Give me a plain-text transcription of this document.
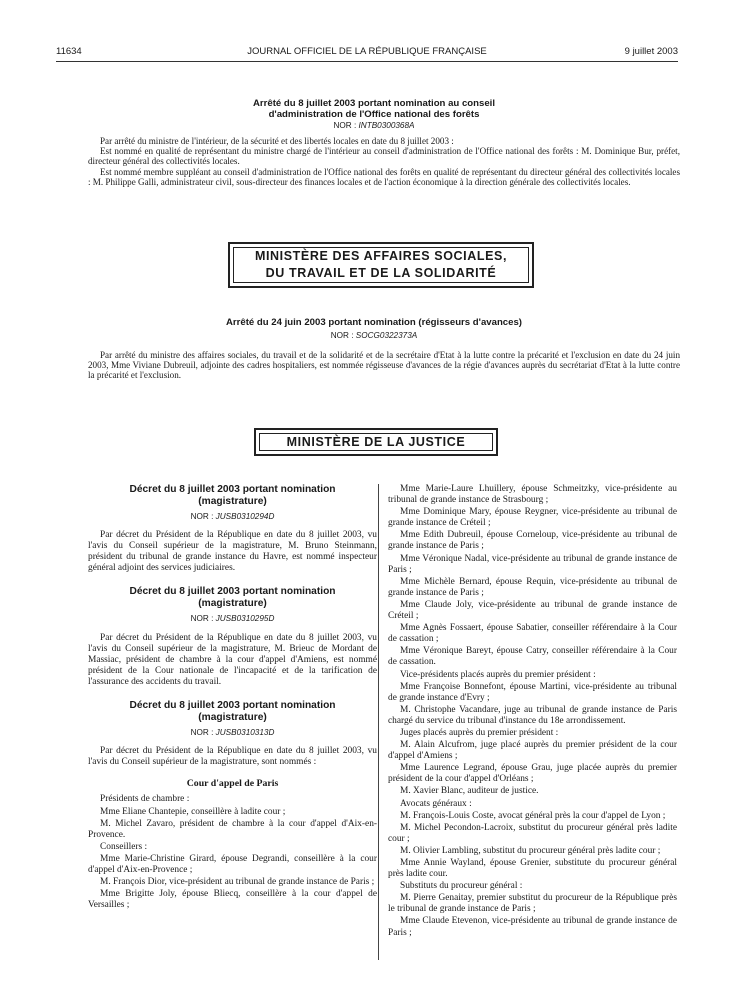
11634	JOURNAL OFFICIEL DE LA RÉPUBLIQUE FRANÇAISE	9 juillet 2003
Arrêté du 8 juillet 2003 portant nomination au conseil
d'administration de l'Office national des forêts
NOR : INTB0300368A

Par arrêté du ministre de l'intérieur, de la sécurité et des libertés locales en date du 8 juillet 2003 :

Est nommé en qualité de représentant du ministre chargé de l'intérieur au conseil d'administration de l'Office national des forêts : M. Dominique Bur, préfet, directeur général des collectivités locales.

Est nommé membre suppléant au conseil d'administration de l'Office national des forêts en qualité de représentant du directeur général des collectivités locales : M. Philippe Galli, administrateur civil, sous-directeur des finances locales et de l'action économique à la direction générale des collectivités locales.

MINISTÈRE DES AFFAIRES SOCIALES,
DU TRAVAIL ET DE LA SOLIDARITÉ
Arrêté du 24 juin 2003 portant nomination (régisseurs d'avances)
NOR : SOCG0322373A

Par arrêté du ministre des affaires sociales, du travail et de la solidarité et de la secrétaire d'Etat à la lutte contre la précarité et l'exclusion en date du 24 juin 2003, Mme Viviane Dubreuil, adjointe des cadres hospitaliers, est nommée régisseuse d'avances de la régie d'avances auprès du secrétariat d'Etat à la lutte contre la précarité et l'exclusion.

MINISTÈRE DE LA JUSTICE
Décret du 8 juillet 2003 portant nomination
(magistrature)
NOR : JUSB0310294D

Par décret du Président de la République en date du 8 juillet 2003, vu l'avis du Conseil supérieur de la magistrature, M. Bruno Steinmann, président du tribunal de grande instance du Havre, est nommé inspecteur général adjoint des services judiciaires.

Décret du 8 juillet 2003 portant nomination
(magistrature)
NOR : JUSB0310295D

Par décret du Président de la République en date du 8 juillet 2003, vu l'avis du Conseil supérieur de la magistrature, M. Brieuc de Mordant de Massiac, président de chambre à la cour d'appel d'Amiens, est nommé président de la Cour nationale de l'incapacité et de la tarification de l'assurance des accidents du travail.

Décret du 8 juillet 2003 portant nomination
(magistrature)
NOR : JUSB0310313D

Par décret du Président de la République en date du 8 juillet 2003, vu l'avis du Conseil supérieur de la magistrature, sont nommés :

Cour d'appel de Paris

Présidents de chambre :

Mme Eliane Chantepie, conseillère à ladite cour ;

M. Michel Zavaro, président de chambre à la cour d'appel d'Aix-en-Provence.

Conseillers :

Mme Marie-Christine Girard, épouse Degrandi, conseillère à la cour d'appel d'Aix-en-Provence ;

M. François Dior, vice-président au tribunal de grande instance de Paris ;

Mme Brigitte Joly, épouse Bliecq, conseillère à la cour d'appel de Versailles ;

Mme Marie-Laure Lhuillery, épouse Schmeitzky, vice-présidente au tribunal de grande instance de Strasbourg ;

Mme Dominique Mary, épouse Reygner, vice-présidente au tribunal de grande instance de Créteil ;

Mme Edith Dubreuil, épouse Corneloup, vice-présidente au tribunal de grande instance de Paris ;

Mme Véronique Nadal, vice-présidente au tribunal de grande instance de Paris ;

Mme Michèle Bernard, épouse Requin, vice-présidente au tribunal de grande instance de Paris ;

Mme Claude Joly, vice-présidente au tribunal de grande instance de Créteil ;

Mme Agnès Fossaert, épouse Sabatier, conseiller référendaire à la Cour de cassation ;

Mme Véronique Bareyt, épouse Catry, conseiller référendaire à la Cour de cassation.

Vice-présidents placés auprès du premier président :

Mme Françoise Bonnefont, épouse Martini, vice-présidente au tribunal de grande instance d'Evry ;

M. Christophe Vacandare, juge au tribunal de grande instance de Paris chargé du service du tribunal d'instance du 18e arrondissement.

Juges placés auprès du premier président :

M. Alain Alcufrom, juge placé auprès du premier président de la cour d'appel d'Amiens ;

Mme Laurence Legrand, épouse Grau, juge placée auprès du premier président de la cour d'appel d'Orléans ;

M. Xavier Blanc, auditeur de justice.

Avocats généraux :

M. François-Louis Coste, avocat général près la cour d'appel de Lyon ;

M. Michel Pecondon-Lacroix, substitut du procureur général près ladite cour ;

M. Olivier Lambling, substitut du procureur général près ladite cour ;

Mme Annie Wayland, épouse Grenier, substitute du procureur général près ladite cour.

Substituts du procureur général :

M. Pierre Genaitay, premier substitut du procureur de la République près le tribunal de grande instance de Paris ;

Mme Claude Etevenon, vice-présidente au tribunal de grande instance de Paris ;
